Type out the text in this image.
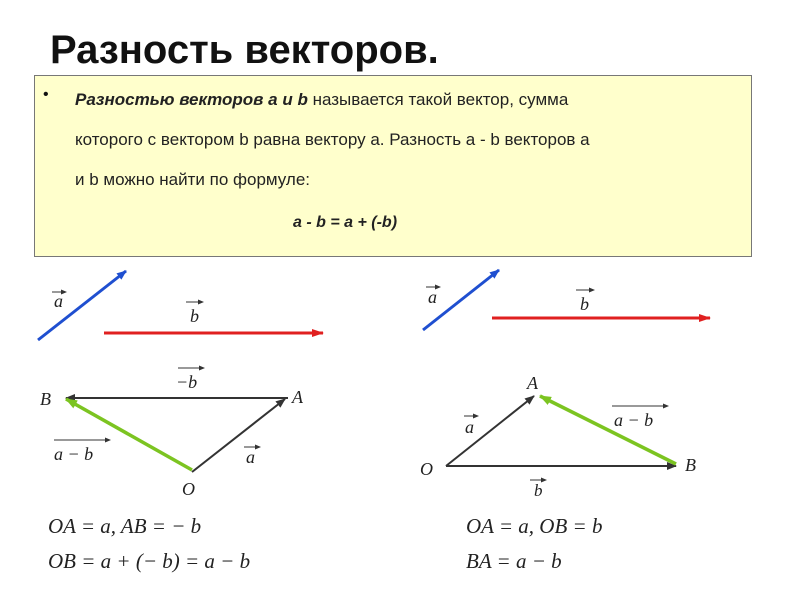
Разность векторов.
• Разностью векторов a и b называется такой вектор, сумма
которого с вектором b равна вектору a. Разность a - b векторов a
и b можно найти по формуле:
a - b = a + (-b)
a
b
−b
a
a − b
B	A
O
OA = a, AB = − b
OB = a + (− b) = a − b
a	b
a	a − b
b
A
O	B
OA = a, OB = b
BA = a − b
